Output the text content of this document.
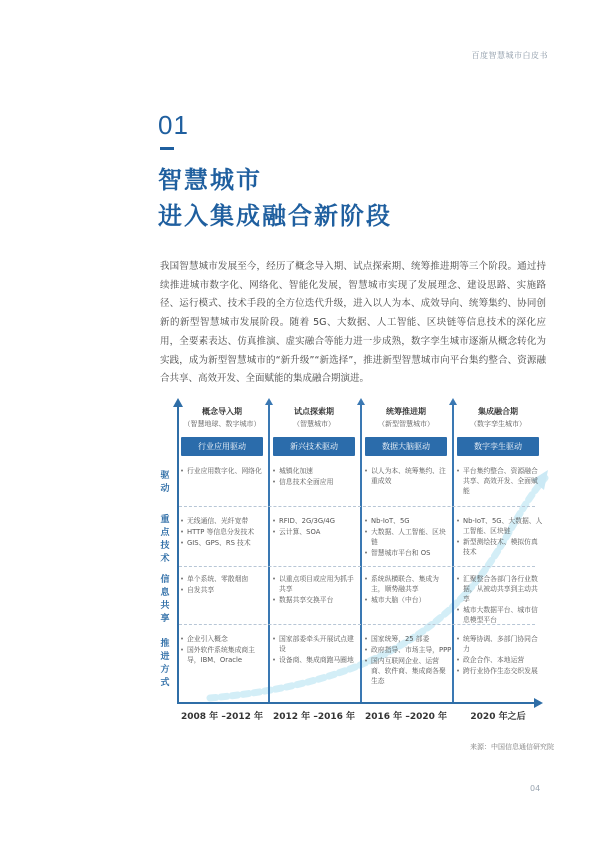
百度智慧城市白皮书
01
智慧城市
进入集成融合新阶段
我国智慧城市发展至今，经历了概念导入期、试点探索期、统筹推进期等三个阶段。通过持续推进城市数字化、网络化、智能化发展，智慧城市实现了发展理念、建设思路、实施路径、运行模式、技术手段的全方位迭代升级，进入以人为本、成效导向、统筹集约、协同创新的新型智慧城市发展阶段。随着 5G、大数据、人工智能、区块链等信息技术的深化应用，全要素表达、仿真推演、虚实融合等能力进一步成熟，数字孪生城市逐渐从概念转化为实践，成为新型智慧城市的“新升级”“新选择”，推进新型智慧城市向平台集约整合、资源融合共享、高效开发、全面赋能的集成融合期演进。
驱动
重点技术
信息共享
推进方式
概念导入期
（智慧地球、数字城市）
行业应用驱动
• 行业应用数字化、网络化
• 无线通信、光纤宽带
• HTTP 等信息分发技术
• GIS、GPS、RS 技术
• 单个系统、零散烟囱
• 自发共享
• 企业引入概念
• 国外软件系统集成商主导，IBM、Oracle
2008 年 –2012 年
试点探索期
（智慧城市）
新兴技术驱动
• 城镇化加速
• 信息技术全面应用
• RFID、2G/3G/4G
• 云计算、SOA
• 以重点项目或应用为抓手共享
• 数据共享交换平台
• 国家部委牵头开展试点建设
• 设备商、集成商跑马圈地
2012 年 –2016 年
统筹推进期
（新型智慧城市）
数据大脑驱动
• 以人为本、统筹集约、注重成效
• Nb-IoT、5G
• 大数据、人工智能、区块链
• 智慧城市平台和 OS
• 系统纵横联合、集成为主，顺势融共享
• 城市大脑（中台）
• 国家统筹，25 部委
• 政府指导、市场主导，PPP
• 国内互联网企业、运营商、软件商、集成商各聚生态
2016 年 –2020 年
集成融合期
（数字孪生城市）
数字孪生驱动
• 平台集约整合、资源融合共享、高效开发、全面赋能
• Nb-IoT、5G、大数据、人工智能、区块链
• 新型测绘技术、模拟仿真技术
• 汇聚整合各部门各行业数据，从被动共享到主动共享
• 城市大数据平台、城市信息模型平台
• 统筹协调、多部门协同合力
• 政企合作、本地运营
• 跨行业协作生态交织发展
2020 年之后
来源：中国信息通信研究院
04
